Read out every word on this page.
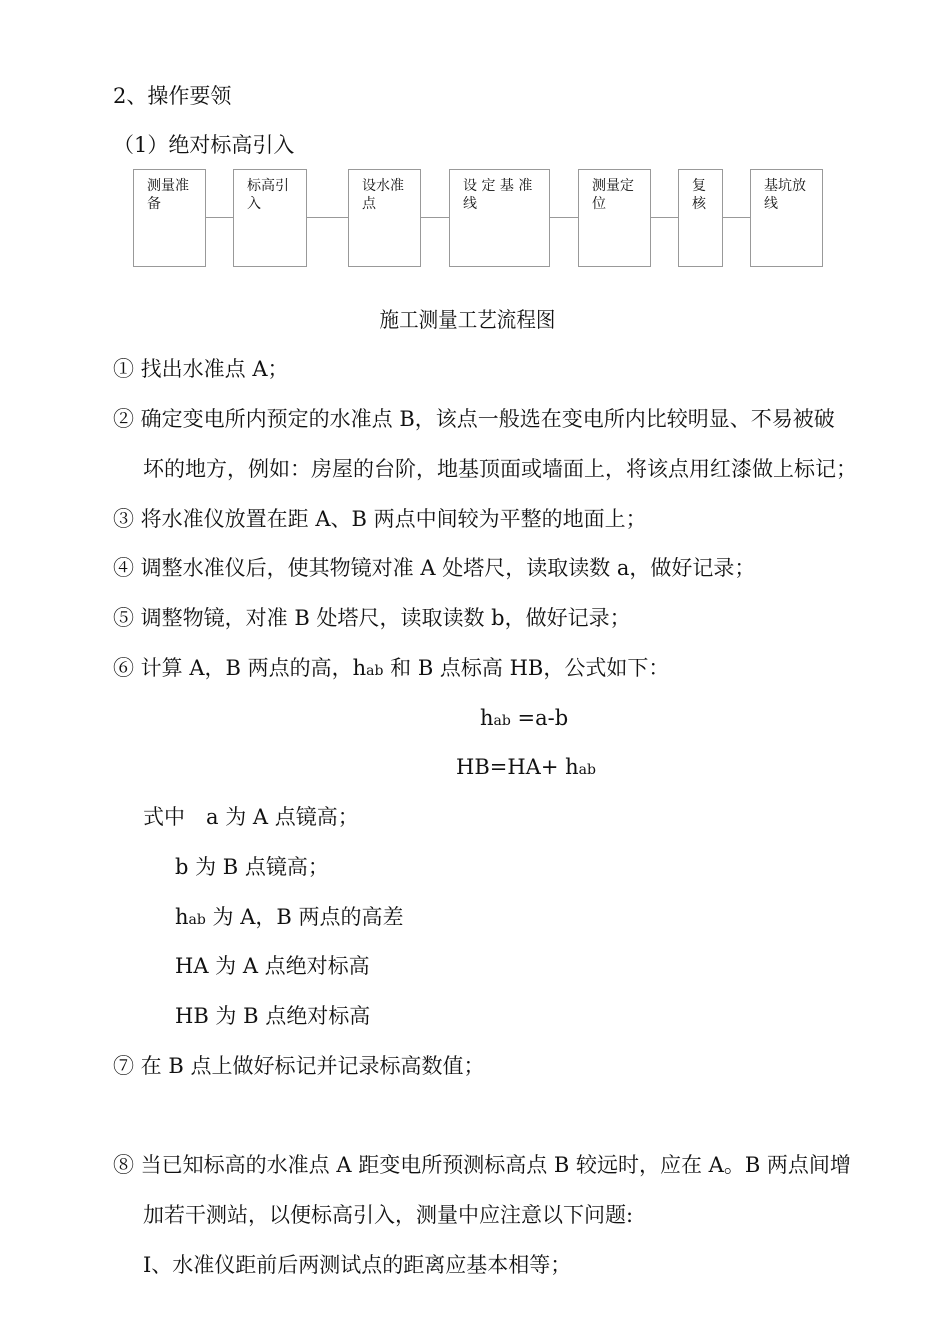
2、操作要领
（1）绝对标高引入
测量准备
标高引入
设水准点
设 定 基 准 线
测量定位
复核
基坑放线
施工测量工艺流程图
① 找出水准点 A；
② 确定变电所内预定的水准点 B，该点一般选在变电所内比较明显、不易被破
坏的地方，例如：房屋的台阶，地基顶面或墙面上，将该点用红漆做上标记；
③ 将水准仪放置在距 A、B 两点中间较为平整的地面上；
④ 调整水准仪后，使其物镜对准 A 处塔尺，读取读数 a，做好记录；
⑤ 调整物镜，对准 B 处塔尺，读取读数 b，做好记录；
⑥ 计算 A，B 两点的高，hab 和 B 点标高 HB，公式如下：
hab =a-b
HB=HA+ hab
式中　a 为 A 点镜高；
b 为 B 点镜高；
hab 为 A，B 两点的高差
HA 为 A 点绝对标高
HB 为 B 点绝对标高
⑦ 在 B 点上做好标记并记录标高数值；
⑧ 当已知标高的水准点 A 距变电所预测标高点 B 较远时，应在 A。B 两点间增
加若干测站，以便标高引入，测量中应注意以下问题:
Ⅰ、水准仪距前后两测试点的距离应基本相等；
